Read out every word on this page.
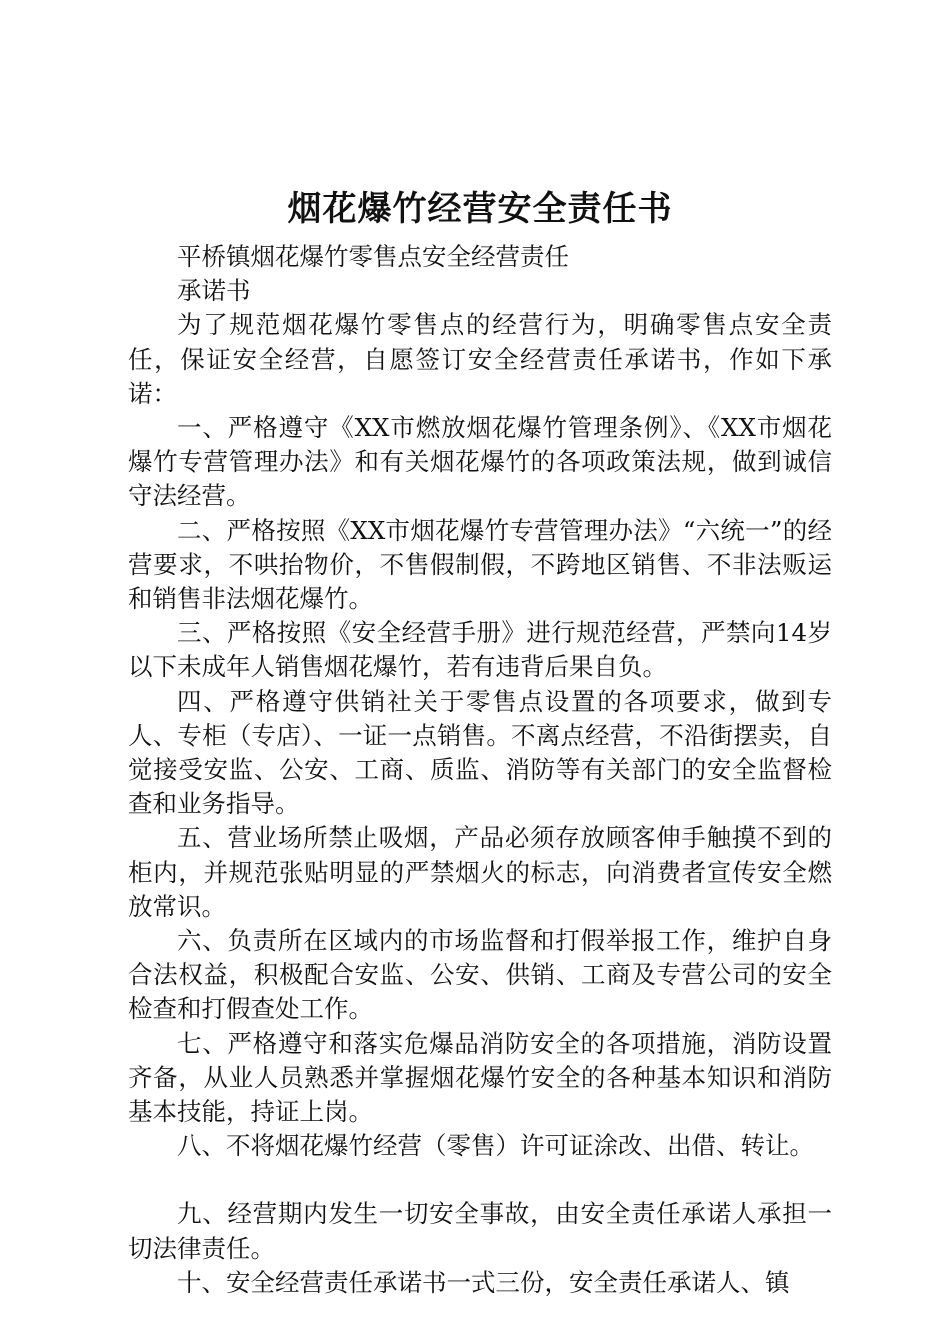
烟花爆竹经营安全责任书

平桥镇烟花爆竹零售点安全经营责任

承诺书

为了规范烟花爆竹零售点的经营行为，明确零售点安全责任，保证安全经营，自愿签订安全经营责任承诺书，作如下承诺：

一、严格遵守《XX市燃放烟花爆竹管理条例》、《XX市烟花爆竹专营管理办法》和有关烟花爆竹的各项政策法规，做到诚信守法经营。

二、严格按照《XX市烟花爆竹专营管理办法》“六统一”的经营要求，不哄抬物价，不售假制假，不跨地区销售、不非法贩运和销售非法烟花爆竹。

三、严格按照《安全经营手册》进行规范经营，严禁向14岁以下未成年人销售烟花爆竹，若有违背后果自负。

四、严格遵守供销社关于零售点设置的各项要求，做到专人、专柜（专店）、一证一点销售。不离点经营，不沿街摆卖，自觉接受安监、公安、工商、质监、消防等有关部门的安全监督检查和业务指导。

五、营业场所禁止吸烟，产品必须存放顾客伸手触摸不到的柜内，并规范张贴明显的严禁烟火的标志，向消费者宣传安全燃放常识。

六、负责所在区域内的市场监督和打假举报工作，维护自身合法权益，积极配合安监、公安、供销、工商及专营公司的安全检查和打假查处工作。

七、严格遵守和落实危爆品消防安全的各项措施，消防设置齐备，从业人员熟悉并掌握烟花爆竹安全的各种基本知识和消防基本技能，持证上岗。

八、不将烟花爆竹经营（零售）许可证涂改、出借、转让。

九、经营期内发生一切安全事故，由安全责任承诺人承担一切法律责任。

十、安全经营责任承诺书一式三份，安全责任承诺人、镇
